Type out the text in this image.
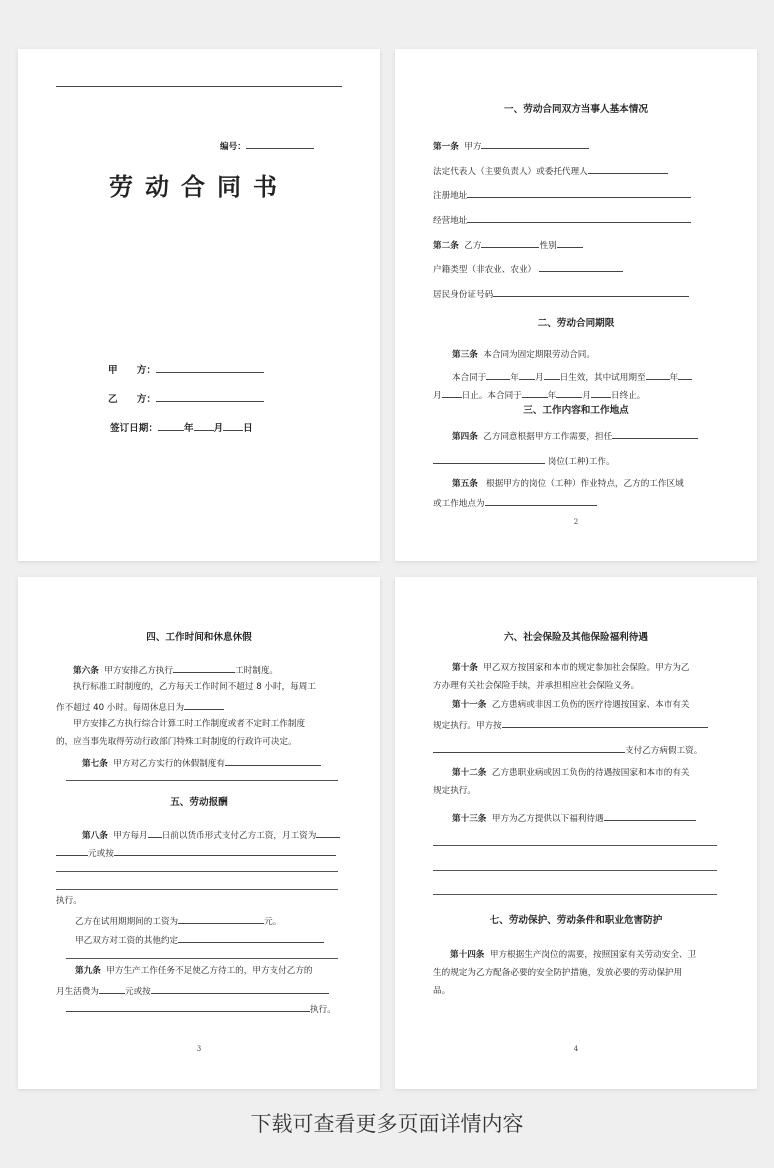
编号：
劳动合同书
甲　　方：
乙　　方：
签订日期：	年 月 日
一、劳动合同双方当事人基本情况
第一条 甲方
法定代表人（主要负责人）或委托代理人
注册地址
经营地址
第二条 乙方	性别
户籍类型（非农业、农业）
居民身份证号码
二、劳动合同期限
第三条 本合同为固定期限劳动合同。
本合同于	年 月 日生效，其中试用期至	年
月 日止。本合同于	年	月 日终止。
三、工作内容和工作地点
第四条 乙方同意根据甲方工作需要，担任
岗位(工种)工作。
第五条 根据甲方的岗位（工种）作业特点，乙方的工作区域
或工作地点为
2
四、工作时间和休息休假
第六条 甲方安排乙方执行	工时制度。
执行标准工时制度的，乙方每天工作时间不超过 8 小时，每周工
作不超过 40 小时。每周休息日为
甲方安排乙方执行综合计算工时工作制度或者不定时工作制度
的，应当事先取得劳动行政部门特殊工时制度的行政许可决定。
第七条 甲方对乙方实行的休假制度有
五、劳动报酬
第八条 甲方每月 日前以货币形式支付乙方工资，月工资为
元或按
执行。
乙方在试用期期间的工资为	元。
甲乙双方对工资的其他约定
第九条 甲方生产工作任务不足使乙方待工的，甲方支付乙方的
月生活费为	元或按
执行。
3
六、社会保险及其他保险福利待遇
第十条 甲乙双方按国家和本市的规定参加社会保险。甲方为乙
方办理有关社会保险手续，并承担相应社会保险义务。
第十一条 乙方患病或非因工负伤的医疗待遇按国家、本市有关
规定执行。甲方按
支付乙方病假工资。
第十二条 乙方患职业病或因工负伤的待遇按国家和本市的有关
规定执行。
第十三条 甲方为乙方提供以下福利待遇
七、劳动保护、劳动条件和职业危害防护
第十四条 甲方根据生产岗位的需要，按照国家有关劳动安全、卫
生的规定为乙方配备必要的安全防护措施，发放必要的劳动保护用
品。
4
下载可查看更多页面详情内容
